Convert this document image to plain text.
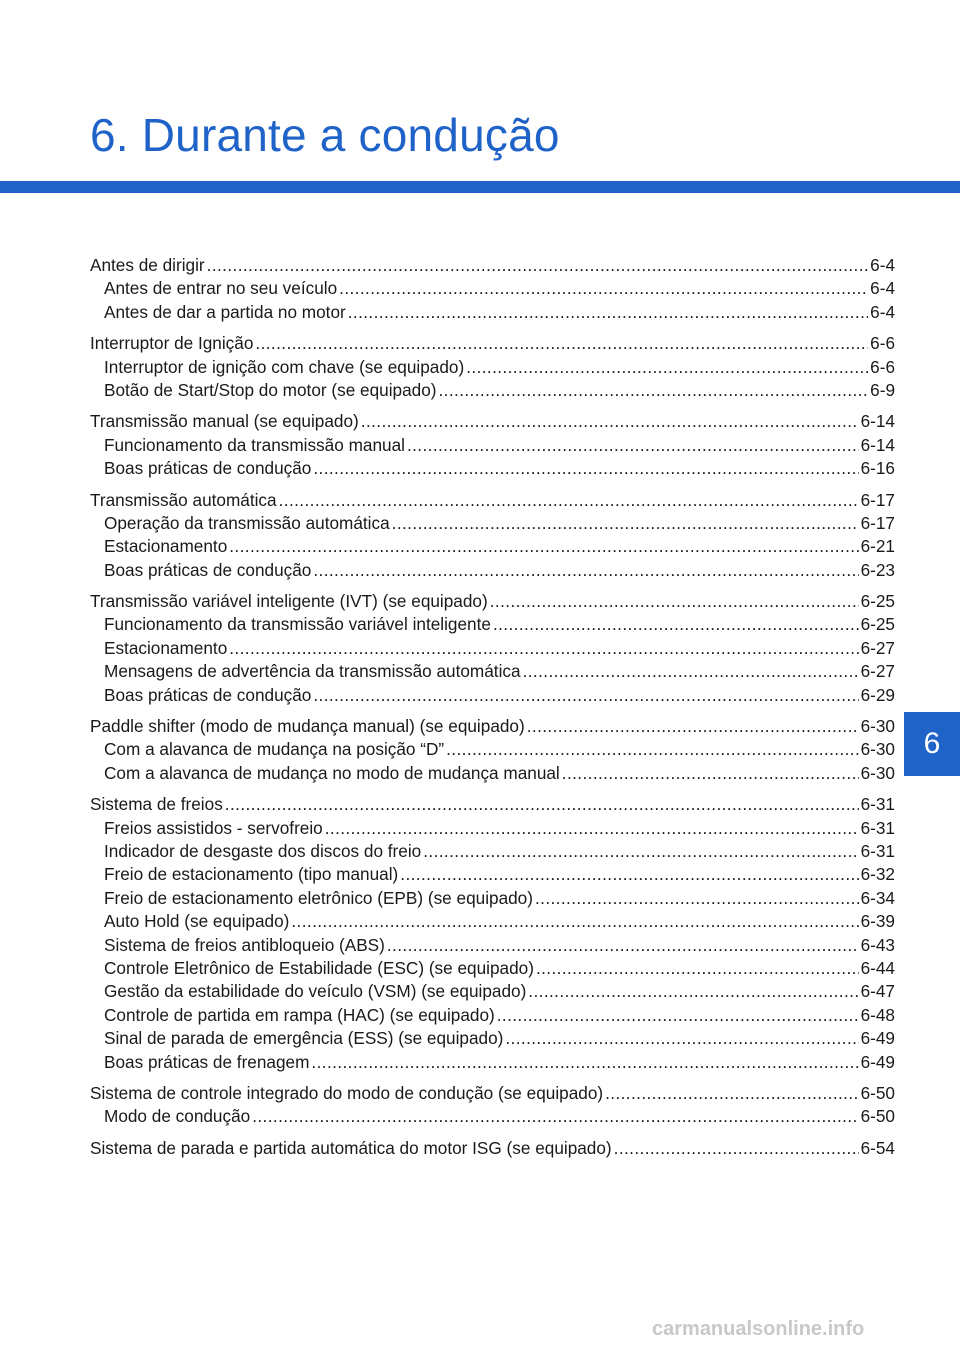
6. Durante a condução
6
Antes de dirigir .....	6-4
Antes de entrar no seu veículo .....	6-4
Antes de dar a partida no motor .....	6-4
Interruptor de Ignição .....	6-6
Interruptor de ignição com chave (se equipado) .....	6-6
Botão de Start/Stop do motor (se equipado) .....	6-9
Transmissão manual (se equipado) .....	6-14
Funcionamento da transmissão manual .....	6-14
Boas práticas de condução .....	6-16
Transmissão automática .....	6-17
Operação da transmissão automática .....	6-17
Estacionamento .....	6-21
Boas práticas de condução .....	6-23
Transmissão variável inteligente (IVT) (se equipado) .....	6-25
Funcionamento da transmissão variável inteligente .....	6-25
Estacionamento .....	6-27
Mensagens de advertência da transmissão automática .....	6-27
Boas práticas de condução .....	6-29
Paddle shifter (modo de mudança manual) (se equipado) .....	6-30
Com a alavanca de mudança na posição “D” .....	6-30
Com a alavanca de mudança no modo de mudança manual .....	6-30
Sistema de freios .....	6-31
Freios assistidos - servofreio .....	6-31
Indicador de desgaste dos discos do freio .....	6-31
Freio de estacionamento (tipo manual) .....	6-32
Freio de estacionamento eletrônico (EPB) (se equipado) .....	6-34
Auto Hold (se equipado) .....	6-39
Sistema de freios antibloqueio (ABS) .....	6-43
Controle Eletrônico de Estabilidade (ESC) (se equipado) .....	6-44
Gestão da estabilidade do veículo (VSM) (se equipado) .....	6-47
Controle de partida em rampa (HAC) (se equipado) .....	6-48
Sinal de parada de emergência (ESS) (se equipado) .....	6-49
Boas práticas de frenagem .....	6-49
Sistema de controle integrado do modo de condução (se equipado) .....	6-50
Modo de condução .....	6-50
Sistema de parada e partida automática do motor ISG (se equipado) .....	6-54
carmanualsonline.info
